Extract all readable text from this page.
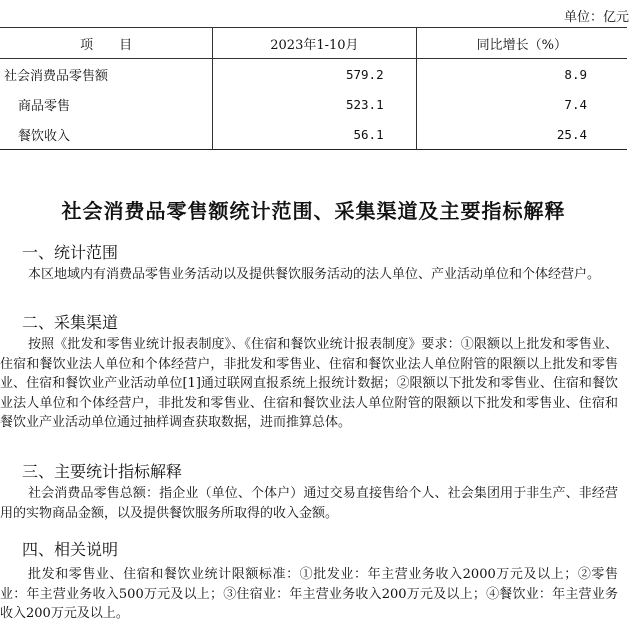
单位：亿元
项　　目	2023年1-10月	同比增长（%）
社会消费品零售额	579.2	8.9
商品零售	523.1	7.4
餐饮收入	56.1	25.4
社会消费品零售额统计范围、采集渠道及主要指标解释
一、统计范围
本区地域内有消费品零售业务活动以及提供餐饮服务活动的法人单位、产业活动单位和个体经营户。
二、采集渠道
按照《批发和零售业统计报表制度》、《住宿和餐饮业统计报表制度》要求：①限额以上批发和零售业、住宿和餐饮业法人单位和个体经营户，非批发和零售业、住宿和餐饮业法人单位附管的限额以上批发和零售业、住宿和餐饮业产业活动单位[1]通过联网直报系统上报统计数据；②限额以下批发和零售业、住宿和餐饮业法人单位和个体经营户，非批发和零售业、住宿和餐饮业法人单位附管的限额以下批发和零售业、住宿和餐饮业产业活动单位通过抽样调查获取数据，进而推算总体。
三、主要统计指标解释
社会消费品零售总额：指企业（单位、个体户）通过交易直接售给个人、社会集团用于非生产、非经营用的实物商品金额，以及提供餐饮服务所取得的收入金额。
四、相关说明
批发和零售业、住宿和餐饮业统计限额标准：①批发业：年主营业务收入2000万元及以上；②零售业：年主营业务收入500万元及以上；③住宿业：年主营业务收入200万元及以上；④餐饮业：年主营业务收入200万元及以上。
